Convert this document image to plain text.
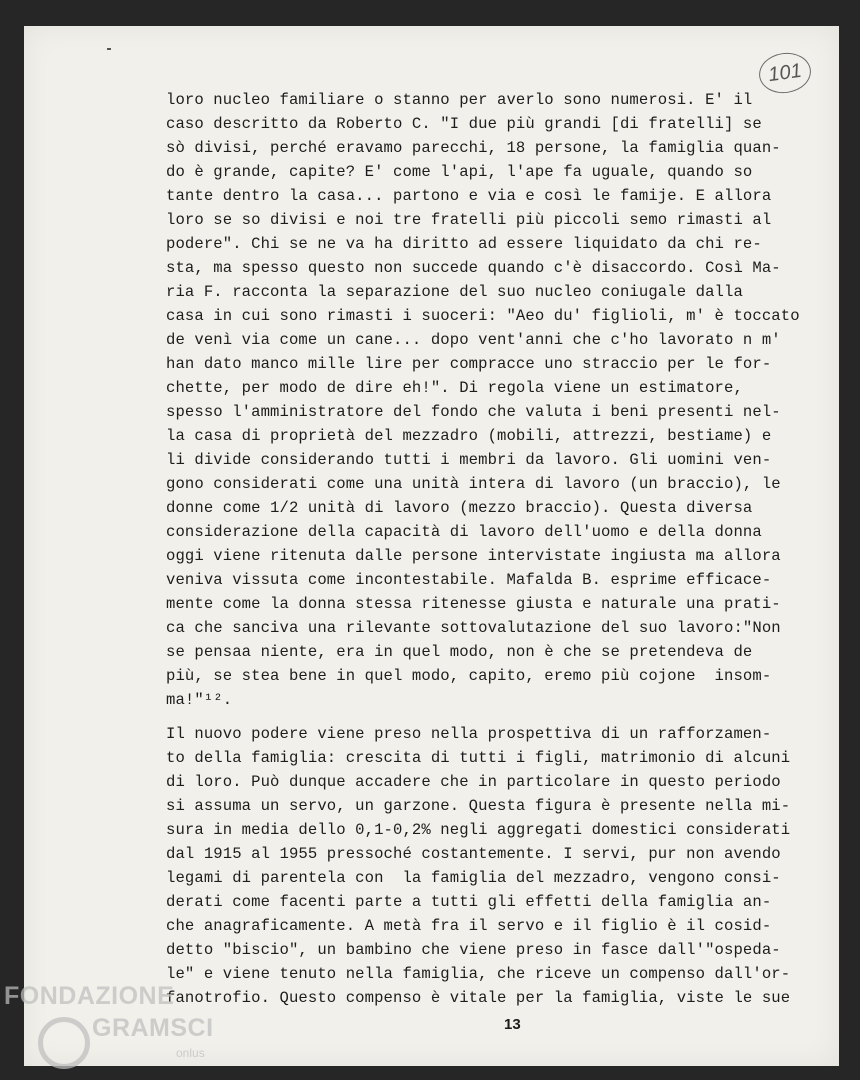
101
loro nucleo familiare o stanno per averlo sono numerosi. E' il
caso descritto da Roberto C. "I due più grandi [di fratelli] se
sò divisi, perché eravamo parecchi, 18 persone, la famiglia quan-
do è grande, capite? E' come l'api, l'ape fa uguale, quando so
tante dentro la casa... partono e via e così le famije. E allora
loro se so divisi e noi tre fratelli più piccoli semo rimasti al
podere". Chi se ne va ha diritto ad essere liquidato da chi re-
sta, ma spesso questo non succede quando c'è disaccordo. Così Ma-
ria F. racconta la separazione del suo nucleo coniugale dalla
casa in cui sono rimasti i suoceri: "Aeo du' figlioli, m' è toccato
de venì via come un cane... dopo vent'anni che c'ho lavorato n m'
han dato manco mille lire per compracce uno straccio per le for-
chette, per modo de dire eh!". Di regola viene un estimatore,
spesso l'amministratore del fondo che valuta i beni presenti nel-
la casa di proprietà del mezzadro (mobili, attrezzi, bestiame) e
li divide considerando tutti i membri da lavoro. Gli uomini ven-
gono considerati come una unità intera di lavoro (un braccio), le
donne come 1/2 unità di lavoro (mezzo braccio). Questa diversa
considerazione della capacità di lavoro dell'uomo e della donna
oggi viene ritenuta dalle persone intervistate ingiusta ma allora
veniva vissuta come incontestabile. Mafalda B. esprime efficace-
mente come la donna stessa ritenesse giusta e naturale una prati-
ca che sanciva una rilevante sottovalutazione del suo lavoro:"Non
se pensaa niente, era in quel modo, non è che se pretendeva de
più, se stea bene in quel modo, capito, eremo più cojone  insom-
ma!"¹².
Il nuovo podere viene preso nella prospettiva di un rafforzamen-
to della famiglia: crescita di tutti i figli, matrimonio di alcuni
di loro. Può dunque accadere che in particolare in questo periodo
si assuma un servo, un garzone. Questa figura è presente nella mi-
sura in media dello 0,1-0,2% negli aggregati domestici considerati
dal 1915 al 1955 pressoché costantemente. I servi, pur non avendo
legami di parentela con  la famiglia del mezzadro, vengono consi-
derati come facenti parte a tutti gli effetti della famiglia an-
che anagraficamente. A metà fra il servo e il figlio è il cosid-
detto "biscio", un bambino che viene preso in fasce dall'"ospeda-
le" e viene tenuto nella famiglia, che riceve un compenso dall'or-
fanotrofio. Questo compenso è vitale per la famiglia, viste le sue
13
FONDAZIONE
GRAMSCI
onlus
